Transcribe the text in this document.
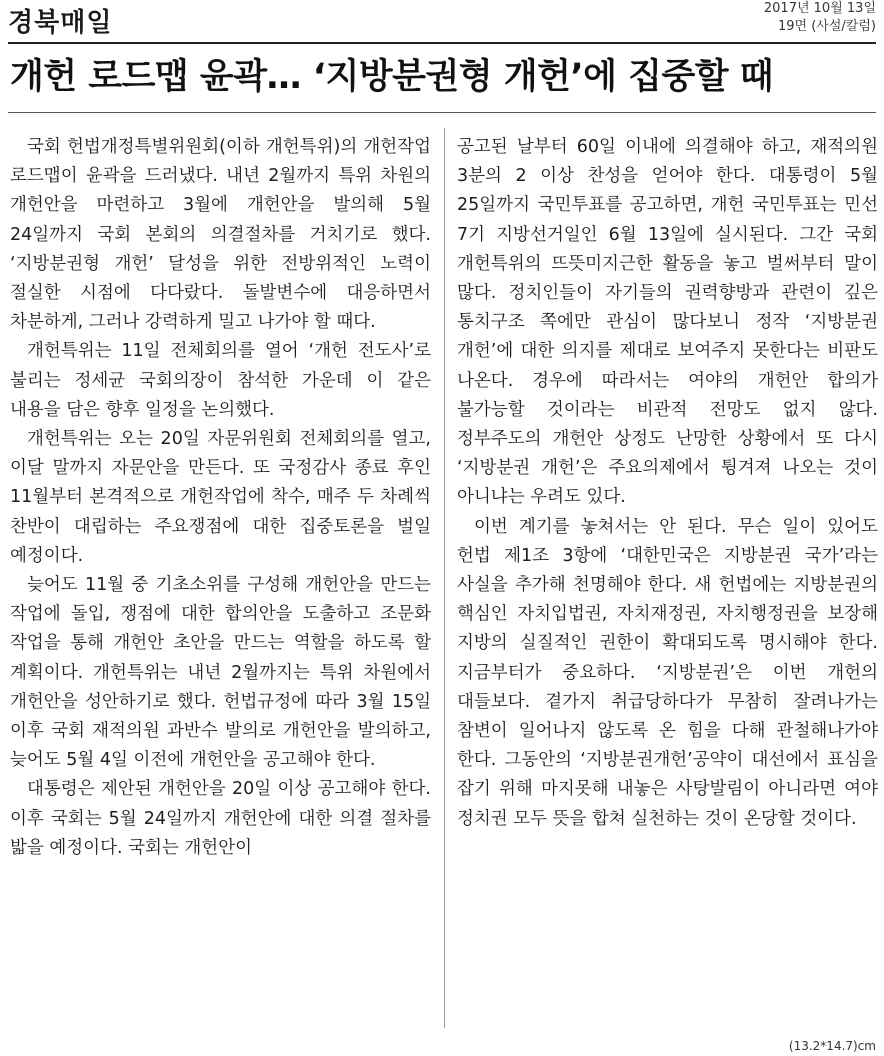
경북매일	2017년 10월 13일
19면 (사설/칼럼)
개헌 로드맵 윤곽… ‘지방분권형 개헌’에 집중할 때

국회 헌법개정특별위원회(이하 개헌특위)의 개헌작업 로드맵이 윤곽을 드러냈다. 내년 2월까지 특위 차원의 개헌안을 마련하고 3월에 개헌안을 발의해 5월 24일까지 국회 본회의 의결절차를 거치기로 했다. ‘지방분권형 개헌’ 달성을 위한 전방위적인 노력이 절실한 시점에 다다랐다. 돌발변수에 대응하면서 차분하게, 그러나 강력하게 밀고 나가야 할 때다.

개헌특위는 11일 전체회의를 열어 ‘개헌 전도사’로 불리는 정세균 국회의장이 참석한 가운데 이 같은 내용을 담은 향후 일정을 논의했다.

개헌특위는 오는 20일 자문위원회 전체회의를 열고, 이달 말까지 자문안을 만든다. 또 국정감사 종료 후인 11월부터 본격적으로 개헌작업에 착수, 매주 두 차례씩 찬반이 대립하는 주요쟁점에 대한 집중토론을 벌일 예정이다.

늦어도 11월 중 기초소위를 구성해 개헌안을 만드는 작업에 돌입, 쟁점에 대한 합의안을 도출하고 조문화 작업을 통해 개헌안 초안을 만드는 역할을 하도록 할 계획이다. 개헌특위는 내년 2월까지는 특위 차원에서 개헌안을 성안하기로 했다. 헌법규정에 따라 3월 15일 이후 국회 재적의원 과반수 발의로 개헌안을 발의하고, 늦어도 5월 4일 이전에 개헌안을 공고해야 한다.

대통령은 제안된 개헌안을 20일 이상 공고해야 한다. 이후 국회는 5월 24일까지 개헌안에 대한 의결 절차를 밟을 예정이다. 국회는 개헌안이

공고된 날부터 60일 이내에 의결해야 하고, 재적의원 3분의 2 이상 찬성을 얻어야 한다. 대통령이 5월 25일까지 국민투표를 공고하면, 개헌 국민투표는 민선 7기 지방선거일인 6월 13일에 실시된다. 그간 국회 개헌특위의 뜨뜻미지근한 활동을 놓고 벌써부터 말이 많다. 정치인들이 자기들의 권력향방과 관련이 깊은 통치구조 쪽에만 관심이 많다보니 정작 ‘지방분권 개헌’에 대한 의지를 제대로 보여주지 못한다는 비판도 나온다. 경우에 따라서는 여야의 개헌안 합의가 불가능할 것이라는 비관적 전망도 없지 않다. 정부주도의 개헌안 상정도 난망한 상황에서 또 다시 ‘지방분권 개헌’은 주요의제에서 튕겨져 나오는 것이 아니냐는 우려도 있다.

이번 계기를 놓쳐서는 안 된다. 무슨 일이 있어도 헌법 제1조 3항에 ‘대한민국은 지방분권 국가’라는 사실을 추가해 천명해야 한다. 새 헌법에는 지방분권의 핵심인 자치입법권, 자치재정권, 자치행정권을 보장해 지방의 실질적인 권한이 확대되도록 명시해야 한다. 지금부터가 중요하다. ‘지방분권’은 이번 개헌의 대들보다. 곁가지 취급당하다가 무참히 잘려나가는 참변이 일어나지 않도록 온 힘을 다해 관철해나가야 한다. 그동안의 ‘지방분권개헌’공약이 대선에서 표심을 잡기 위해 마지못해 내놓은 사탕발림이 아니라면 여야 정치권 모두 뜻을 합쳐 실천하는 것이 온당할 것이다.

(13.2*14.7)cm
